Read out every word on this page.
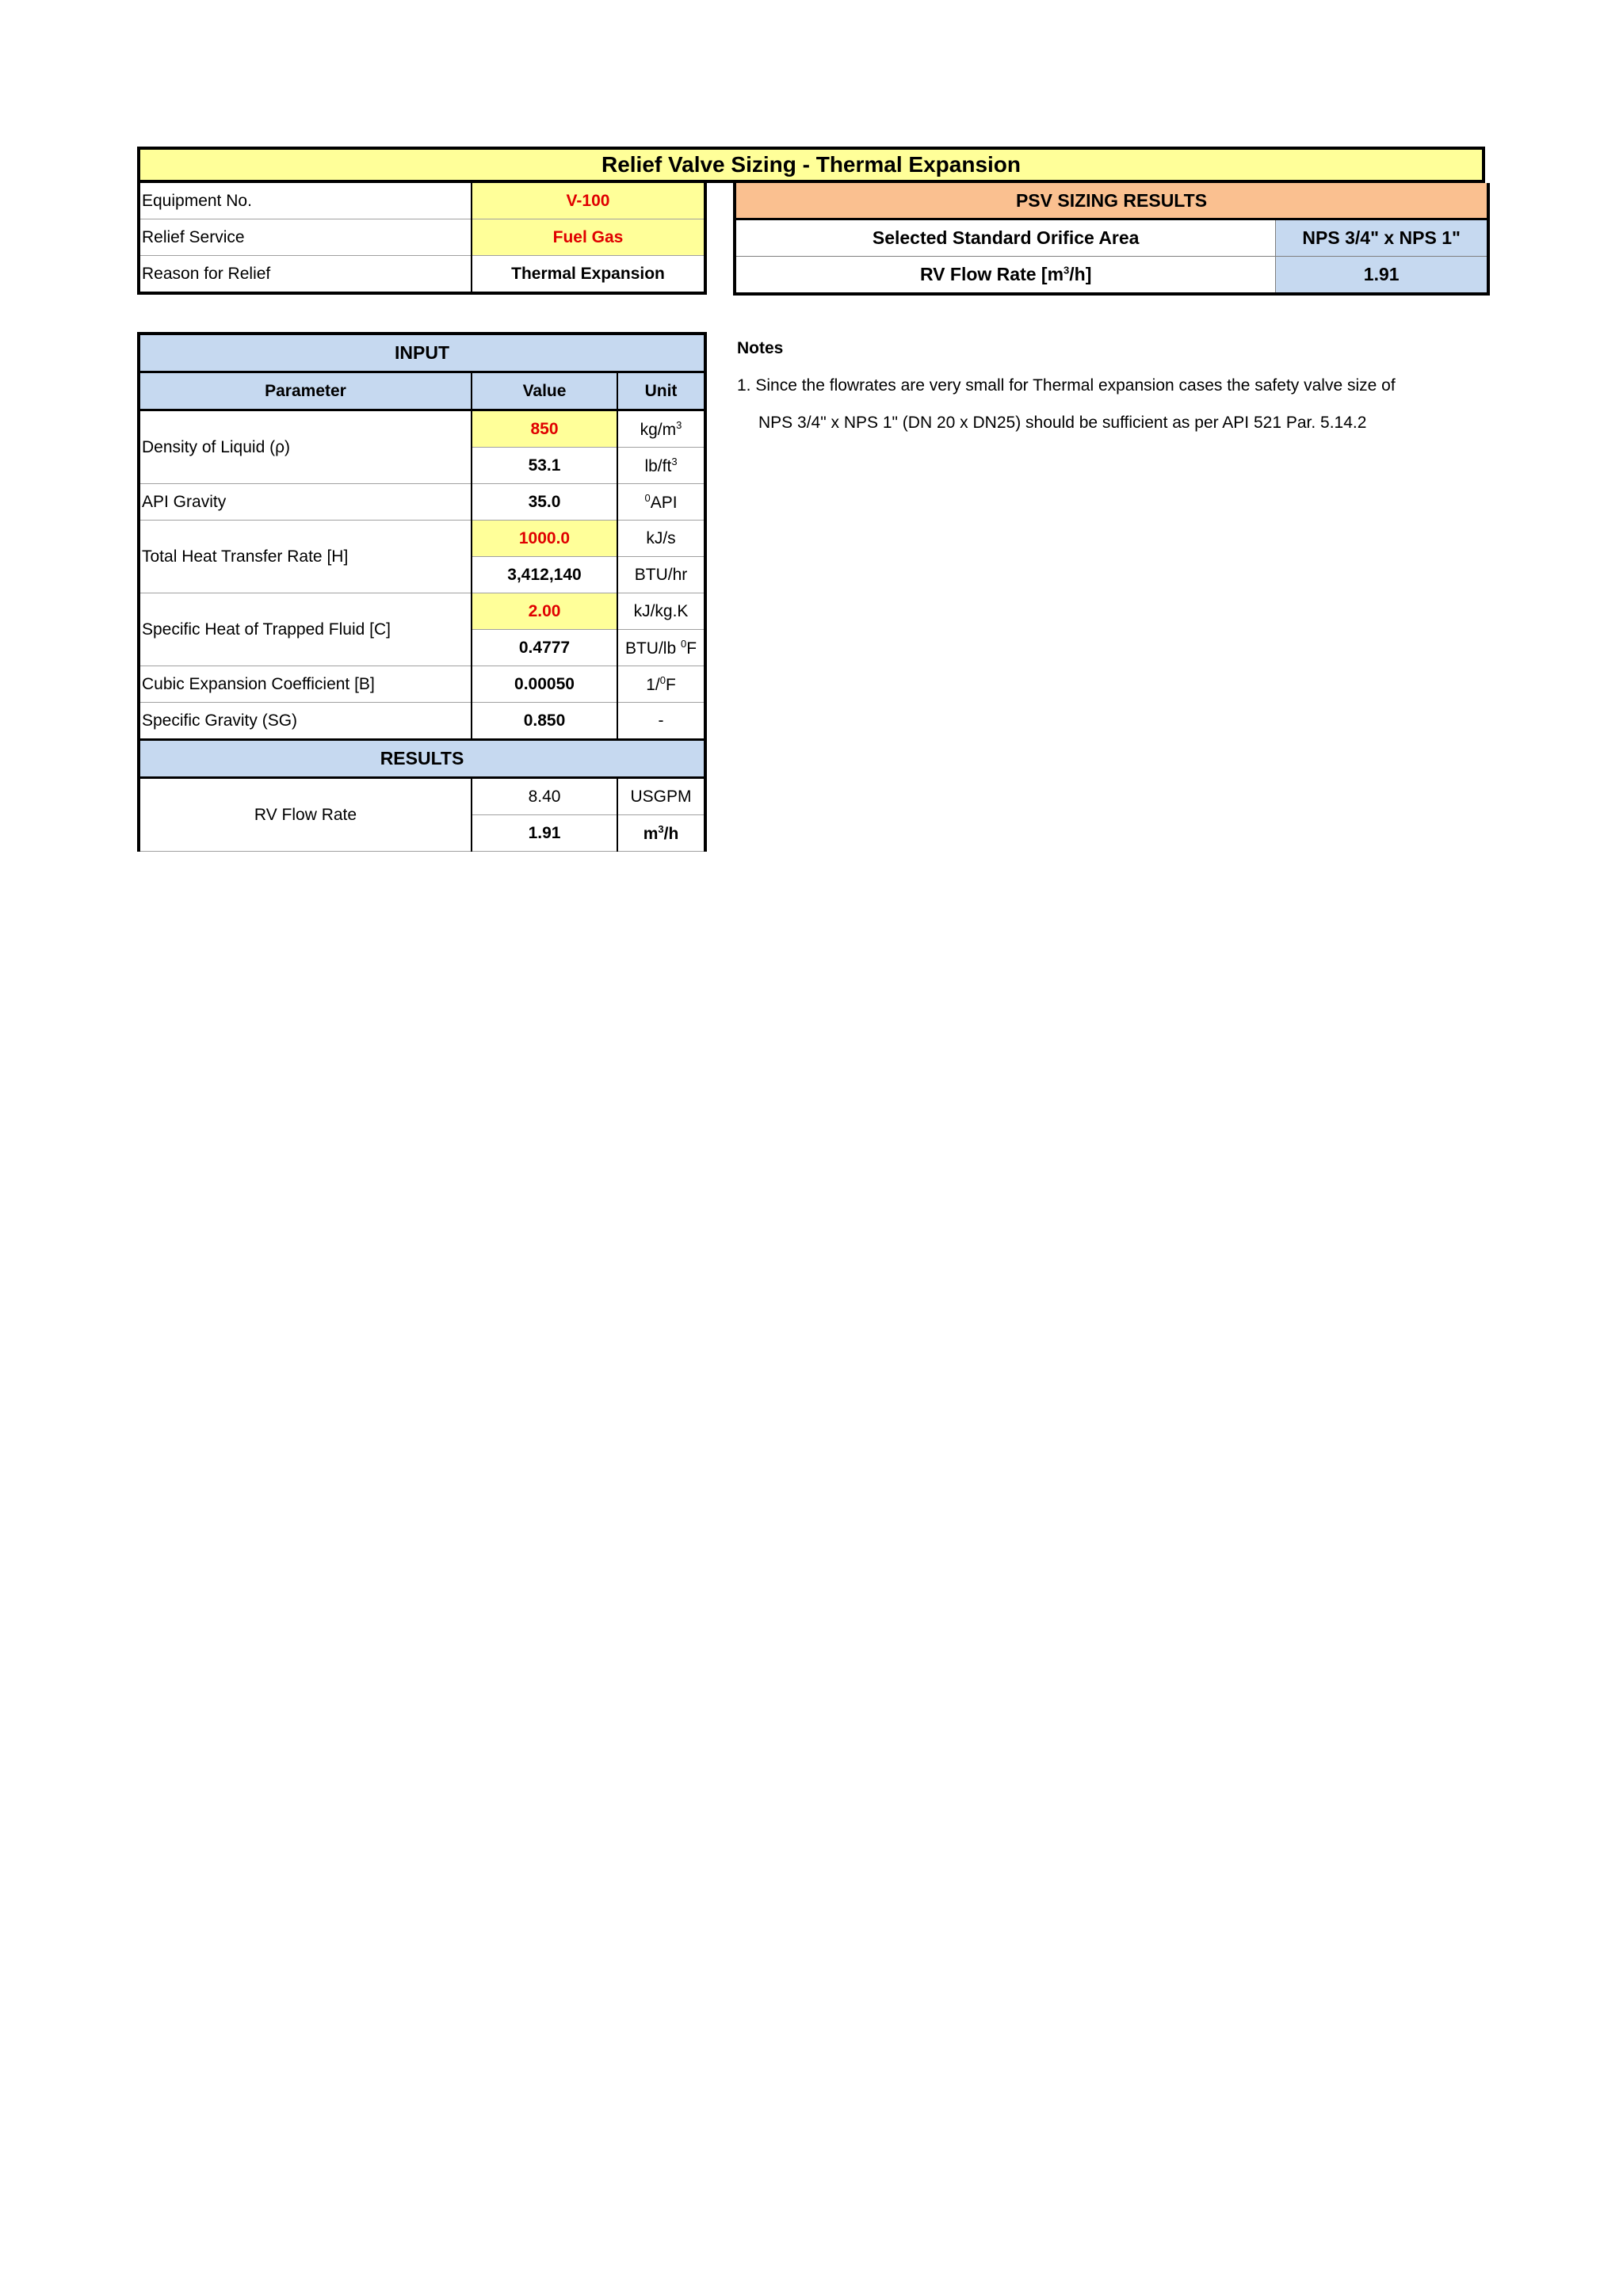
Relief Valve Sizing - Thermal Expansion
Equipment No.	V-100
Relief Service	Fuel Gas
Reason for Relief	Thermal Expansion
PSV SIZING RESULTS	
Selected Standard Orifice Area	NPS 3/4" x NPS 1"
RV Flow Rate $[m^3/h]$	1.91
INPUT		
Parameter	Value	Unit
Density of Liquid (ρ)	850	$kg/m^3$
	53.1	$lb/ft^3$
API Gravity	35.0	$^0$API
Total Heat Transfer Rate [H]	1000.0	kJ/s
	3,412,140	BTU/hr
Specific Heat of Trapped Fluid [C]	2.00	kJ/kg.K
	0.4777	BTU/lb $^0$F
Cubic Expansion Coefficient [B]	0.00050	1/$^0$F
Specific Gravity (SG)	0.850	-
RESULTS		
RV Flow Rate	8.40	USGPM
	1.91	$m^3/h$
Notes
1. Since the flowrates are very small for Thermal expansion cases the safety valve size of
NPS 3/4" x NPS 1" (DN 20 x DN25) should be sufficient as per API 521 Par. 5.14.2
